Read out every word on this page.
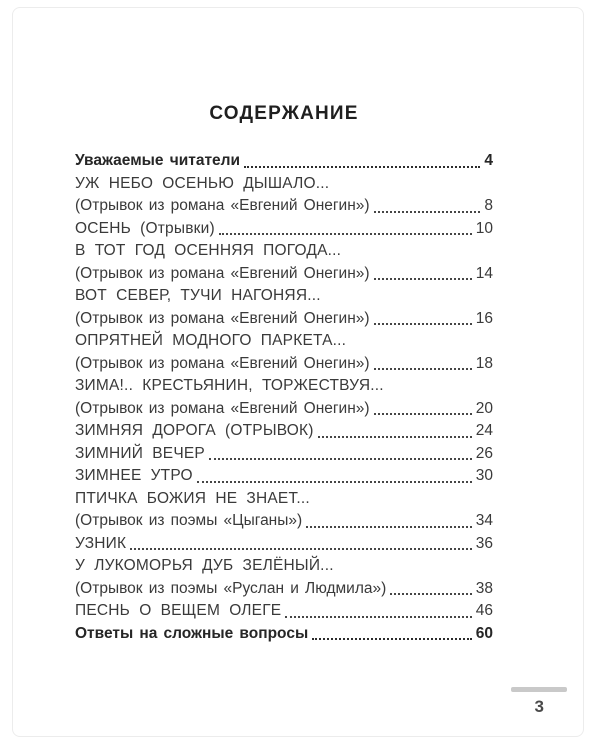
СОДЕРЖАНИЕ
Уважаемые читатели	4
УЖ НЕБО ОСЕНЬЮ ДЫШАЛО...
(Отрывок из романа «Евгений Онегин»)	8
ОСЕНЬ (Отрывки)	10
В ТОТ ГОД ОСЕННЯЯ ПОГОДА...
(Отрывок из романа «Евгений Онегин»)	14
ВОТ СЕВЕР, ТУЧИ НАГОНЯЯ...
(Отрывок из романа «Евгений Онегин»)	16
ОПРЯТНЕЙ МОДНОГО ПАРКЕТА...
(Отрывок из романа «Евгений Онегин»)	18
ЗИМА!.. КРЕСТЬЯНИН, ТОРЖЕСТВУЯ...
(Отрывок из романа «Евгений Онегин»)	20
ЗИМНЯЯ ДОРОГА (ОТРЫВОК)	24
ЗИМНИЙ ВЕЧЕР	26
ЗИМНЕЕ УТРО	30
ПТИЧКА БОЖИЯ НЕ ЗНАЕТ...
(Отрывок из поэмы «Цыганы»)	34
УЗНИК	36
У ЛУКОМОРЬЯ ДУБ ЗЕЛЁНЫЙ...
(Отрывок из поэмы «Руслан и Людмила»)	38
ПЕСНЬ О ВЕЩЕМ ОЛЕГЕ	46
Ответы на сложные вопросы	60
3
